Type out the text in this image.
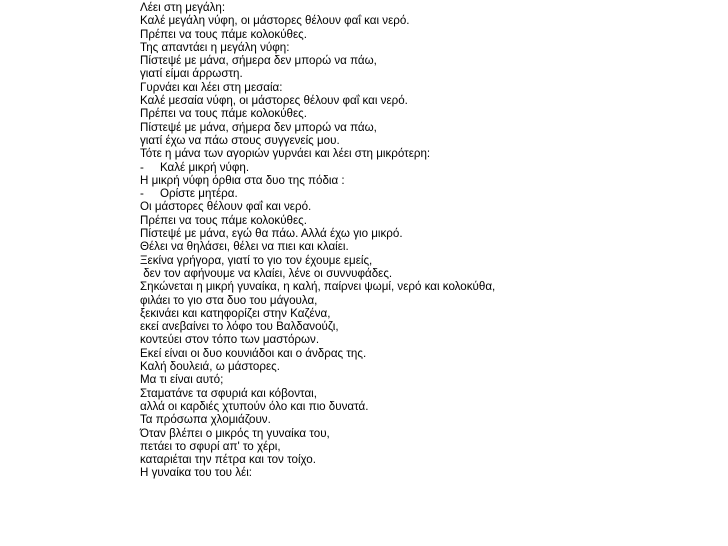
Λέει στη μεγάλη:
Καλέ μεγάλη νύφη, οι μάστορες θέλουν φαΐ και νερό.
Πρέπει να τους πάμε κολοκύθες.
Της απαντάει η μεγάλη νύφη:
Πίστεψέ με μάνα, σήμερα δεν μπορώ να πάω,
γιατί είμαι άρρωστη.
Γυρνάει και λέει στη μεσαία:
Καλέ μεσαία νύφη, οι μάστορες θέλουν φαΐ και νερό.
Πρέπει να τους πάμε κολοκύθες.
Πίστεψέ με μάνα, σήμερα δεν μπορώ να πάω,
γιατί έχω να πάω στους συγγενείς μου.
Τότε η μάνα των αγοριών γυρνάει και λέει στη μικρότερη:
-     Καλέ μικρή νύφη.
Η μικρή νύφη όρθια στα δυο της πόδια :
-     Ορίστε μητέρα.
Οι μάστορες θέλουν φαΐ και νερό.
Πρέπει να τους πάμε κολοκύθες.
Πίστεψέ με μάνα, εγώ θα πάω. Αλλά έχω γιο μικρό.
Θέλει να θηλάσει, θέλει να πιει και κλαίει.
Ξεκίνα γρήγορα, γιατί το γιο τον έχουμε εμείς,
δεν τον αφήνουμε να κλαίει, λένε οι συννυφάδες.
Σηκώνεται η μικρή γυναίκα, η καλή, παίρνει ψωμί, νερό και κολοκύθα,
φιλάει το γιο στα δυο του μάγουλα,
ξεκινάει και κατηφορίζει στην Καζένα,
εκεί ανεβαίνει το λόφο του Βαλδανούζι,
κοντεύει στον τόπο των μαστόρων.
Εκεί είναι οι δυο κουνιάδοι και ο άνδρας της.
Καλή δουλειά, ω μάστορες.
Μα τι είναι αυτό;
Σταματάνε τα σφυριά και κόβονται,
αλλά οι καρδιές χτυπούν όλο και πιο δυνατά.
Τα πρόσωπα χλομιάζουν.
Όταν βλέπει ο μικρός τη γυναίκα του,
πετάει το σφυρί απ' το χέρι,
καταριέται την πέτρα και τον τοίχο.
Η γυναίκα του του λέι:
